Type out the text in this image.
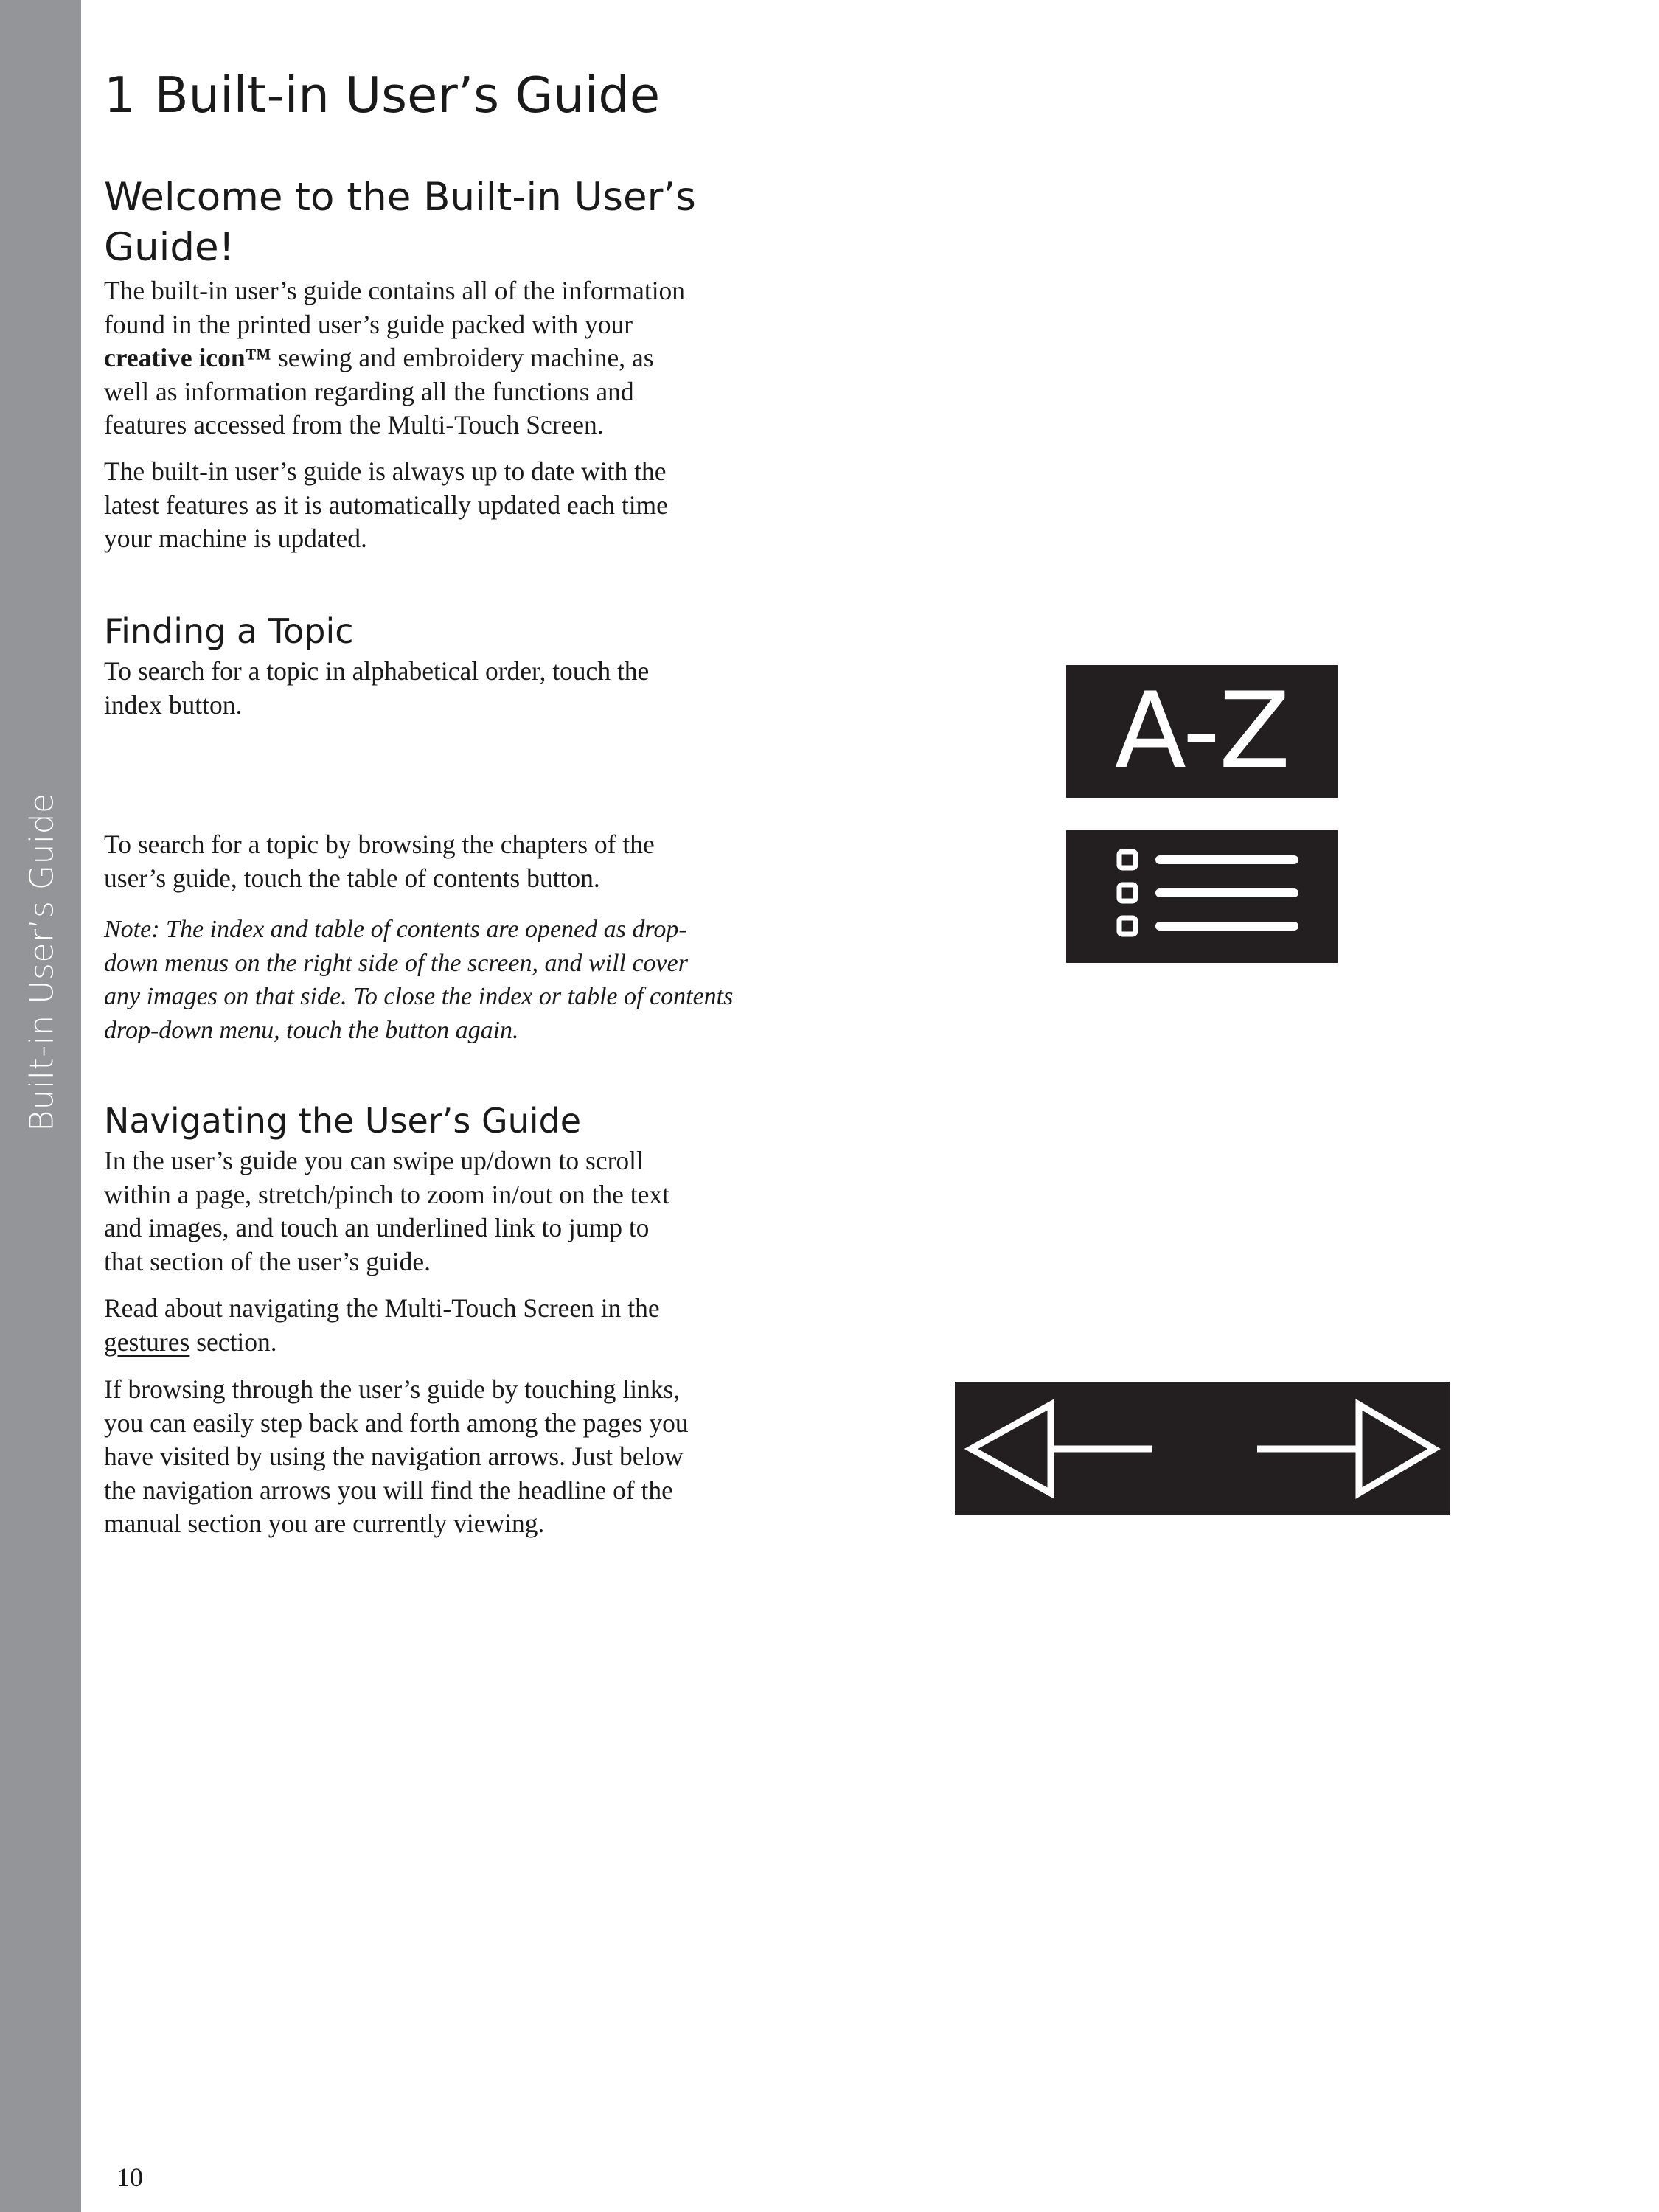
Built-in User’s Guide
1 Built-in User’s Guide
Welcome to the Built-in User’s
Guide!

The built-in user’s guide contains all of the information
found in the printed user’s guide packed with your
creative icon™ sewing and embroidery machine, as
well as information regarding all the functions and
features accessed from the Multi-Touch Screen.

The built-in user’s guide is always up to date with the
latest features as it is automatically updated each time
your machine is updated.

Finding a Topic

To search for a topic in alphabetical order, touch the
index button.

To search for a topic by browsing the chapters of the
user’s guide, touch the table of contents button.

Note: The index and table of contents are opened as drop-
down menus on the right side of the screen, and will cover
any images on that side. To close the index or table of contents
drop-down menu, touch the button again.

Navigating the User’s Guide

In the user’s guide you can swipe up/down to scroll
within a page, stretch/pinch to zoom in/out on the text
and images, and touch an underlined link to jump to
that section of the user’s guide.

Read about navigating the Multi-Touch Screen in the
gestures section.

If browsing through the user’s guide by touching links,
you can easily step back and forth among the pages you
have visited by using the navigation arrows. Just below
the navigation arrows you will find the headline of the
manual section you are currently viewing.

A-Z
10
